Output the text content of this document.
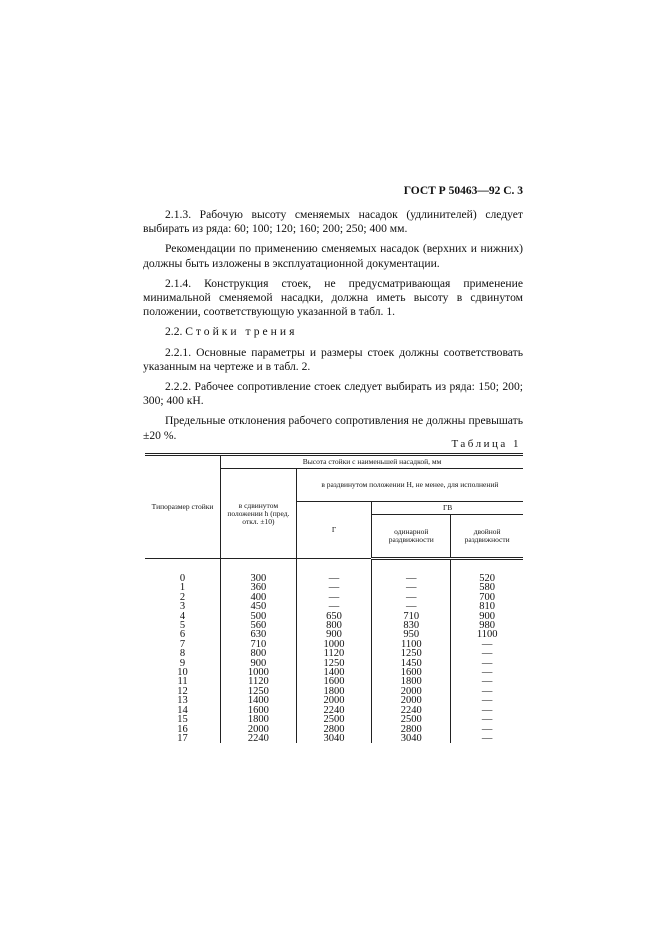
ГОСТ Р 50463—92 С. 3

2.1.3. Рабочую высоту сменяемых насадок (удлинителей) следует выбирать из ряда: 60; 100; 120; 160; 200; 250; 400 мм.

Рекомендации по применению сменяемых насадок (верхних и нижних) должны быть изложены в эксплуатационной документации.

2.1.4. Конструкция стоек, не предусматривающая применение минимальной сменяемой насадки, должна иметь высоту в сдвинутом положении, соответствующую указанной в табл. 1.

2.2. Стойки трения

2.2.1. Основные параметры и размеры стоек должны соответствовать указанным на чертеже и в табл. 2.

2.2.2. Рабочее сопротивление стоек следует выбирать из ряда: 150; 200; 300; 400 кН.

Предельные отклонения рабочего сопротивления не должны превышать ±20 %.

Таблица 1
Типоразмер стойки	Высота стойки с наименьшей насадкой, мм			
	в сдвинутом положении h (пред. откл. ±10)	в раздвинутом положении H, не менее, для исполнений		
		Г	ГВ	
			одинарной раздвижности	двойной раздвижности
0	300	—	—	520
1	360	—	—	580
2	400	—	—	700
3	450	—	—	810
4	500	650	710	900
5	560	800	830	980
6	630	900	950	1100
7	710	1000	1100	—
8	800	1120	1250	—
9	900	1250	1450	—
10	1000	1400	1600	—
11	1120	1600	1800	—
12	1250	1800	2000	—
13	1400	2000	2000	—
14	1600	2240	2240	—
15	1800	2500	2500	—
16	2000	2800	2800	—
17	2240	3040	3040	—
